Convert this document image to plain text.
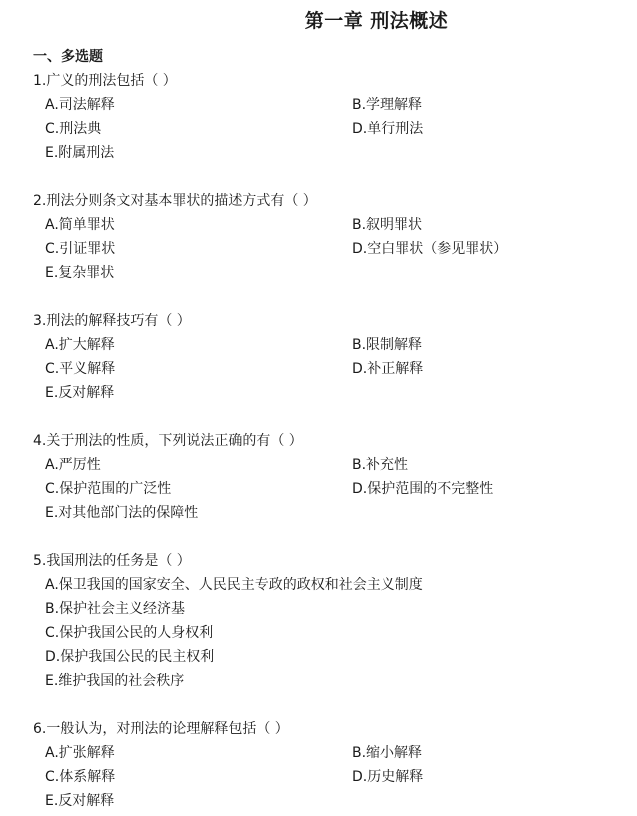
第一章 刑法概述
一、多选题
1.广义的刑法包括（ ）
A.司法解释	B.学理解释
C.刑法典	D.单行刑法
E.附属刑法
2.刑法分则条文对基本罪状的描述方式有（ ）
A.简单罪状	B.叙明罪状
C.引证罪状	D.空白罪状（参见罪状）
E.复杂罪状
3.刑法的解释技巧有（ ）
A.扩大解释	B.限制解释
C.平义解释	D.补正解释
E.反对解释
4.关于刑法的性质，下列说法正确的有（ ）
A.严厉性	B.补充性
C.保护范围的广泛性	D.保护范围的不完整性
E.对其他部门法的保障性
5.我国刑法的任务是（ ）
A.保卫我国的国家安全、人民民主专政的政权和社会主义制度
B.保护社会主义经济基
C.保护我国公民的人身权利
D.保护我国公民的民主权利
E.维护我国的社会秩序
6.一般认为，对刑法的论理解释包括（ ）
A.扩张解释	B.缩小解释
C.体系解释	D.历史解释
E.反对解释
